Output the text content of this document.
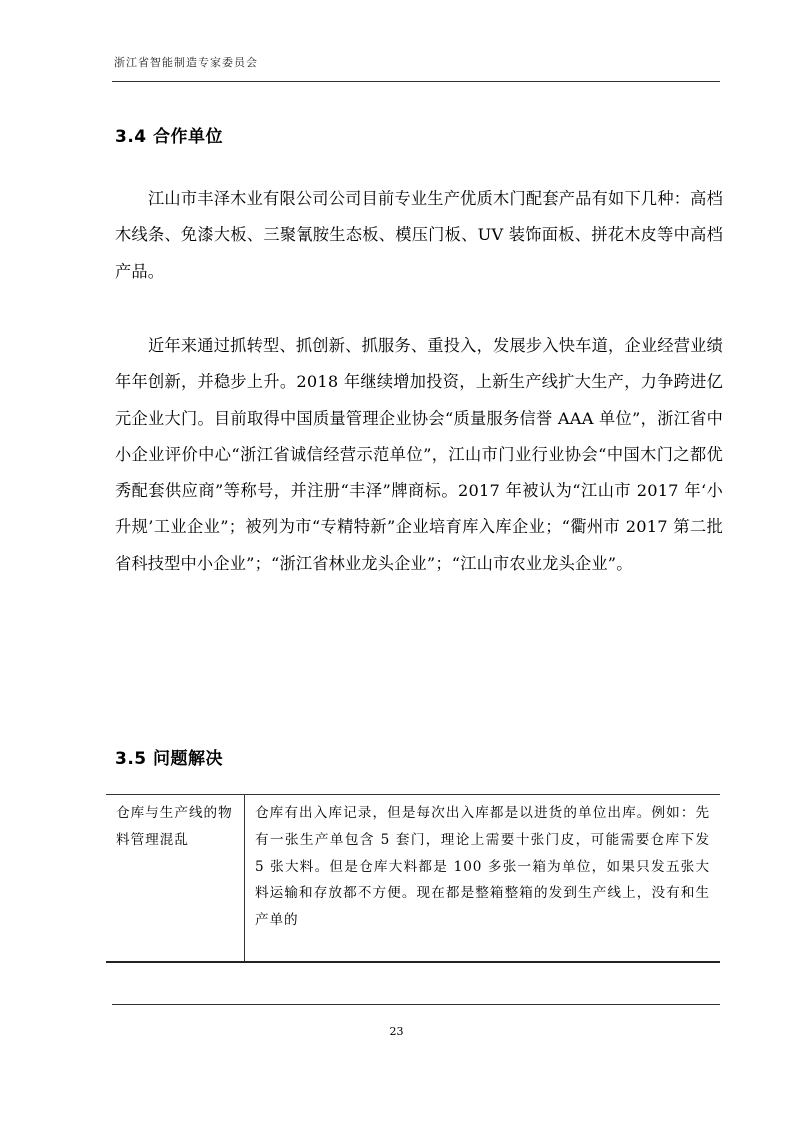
浙江省智能制造专家委员会
3.4 合作单位

江山市丰泽木业有限公司公司目前专业生产优质木门配套产品有如下几种：高档木线条、免漆大板、三聚氰胺生态板、模压门板、UV 装饰面板、拼花木皮等中高档产品。

近年来通过抓转型、抓创新、抓服务、重投入，发展步入快车道，企业经营业绩年年创新，并稳步上升。2018 年继续增加投资，上新生产线扩大生产，力争跨进亿元企业大门。目前取得中国质量管理企业协会“质量服务信誉 AAA 单位”，浙江省中小企业评价中心“浙江省诚信经营示范单位”，江山市门业行业协会“中国木门之都优秀配套供应商”等称号，并注册“丰泽”牌商标。2017 年被认为“江山市 2017 年‘小升规’工业企业”；被列为市“专精特新”企业培育库入库企业；“衢州市 2017 第二批省科技型中小企业”；“浙江省林业龙头企业”；“江山市农业龙头企业”。

3.5 问题解决
仓库与生产线的物料管理混乱
仓库有出入库记录，但是每次出入库都是以进货的单位出库。例如：先有一张生产单包含 5 套门，理论上需要十张门皮，可能需要仓库下发 5 张大料。但是仓库大料都是 100 多张一箱为单位，如果只发五张大料运输和存放都不方便。现在都是整箱整箱的发到生产线上，没有和生产单的
23
